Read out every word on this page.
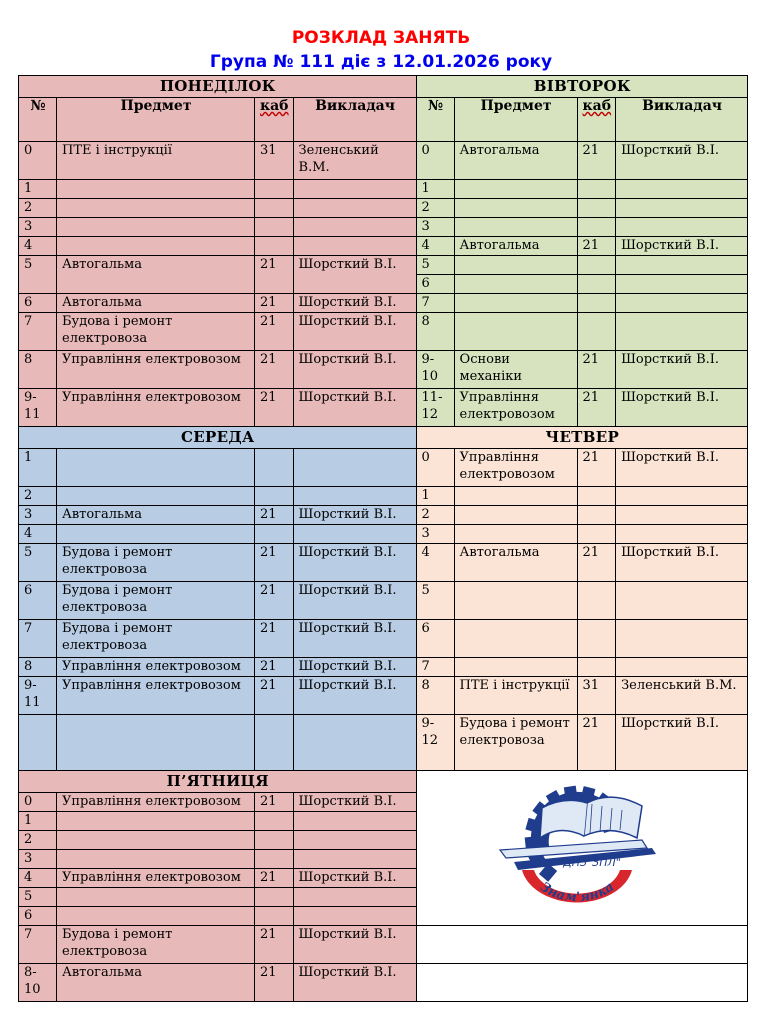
РОЗКЛАД ЗАНЯТЬ
Група № 111 діє з 12.01.2026 року
ПОНЕДІЛОК				ВІВТОРОК			
№	Предмет	каб	Викладач	№	Предмет	каб	Викладач
0	ПТЕ і інструкції	31	Зеленський В.М.	0	Автогальма	21	Шорсткий В.І.
1				1			
2				2			
3				3			
4				4	Автогальма	21	Шорсткий В.І.
5	Автогальма	21	Шорсткий В.І.	5			
				6			
6	Автогальма	21	Шорсткий В.І.	7			
7	Будова і ремонт електровоза	21	Шорсткий В.І.	8			
8	Управління електровозом	21	Шорсткий В.І.	9-10	Основи механіки	21	Шорсткий В.І.
9-11	Управління електровозом	21	Шорсткий В.І.	11-12	Управління електровозом	21	Шорсткий В.І.
СЕРЕДА				ЧЕТВЕР			
1				0	Управління електровозом	21	Шорсткий В.І.
2				1			
3	Автогальма	21	Шорсткий В.І.	2			
4				3			
5	Будова і ремонт електровоза	21	Шорсткий В.І.	4	Автогальма	21	Шорсткий В.І.
6	Будова і ремонт електровоза	21	Шорсткий В.І.	5			
7	Будова і ремонт електровоза	21	Шорсткий В.І.	6			
8	Управління електровозом	21	Шорсткий В.І.	7			
9-11	Управління електровозом	21	Шорсткий В.І.	8	ПТЕ і інструкції	31	Зеленський В.М.
				9-12	Будова і ремонт електровоза	21	Шорсткий В.І.
П’ЯТНИЦЯ				ДНЗ"ЗПЛ"
Знам'янка			

0	Управління електровозом	21	Шорсткий В.І.				
1							
2							
3							
4	Управління електровозом	21	Шорсткий В.І.				
5							
6							
7	Будова і ремонт електровоза	21	Шорсткий В.І.				
8-10	Автогальма	21	Шорсткий В.І.				
